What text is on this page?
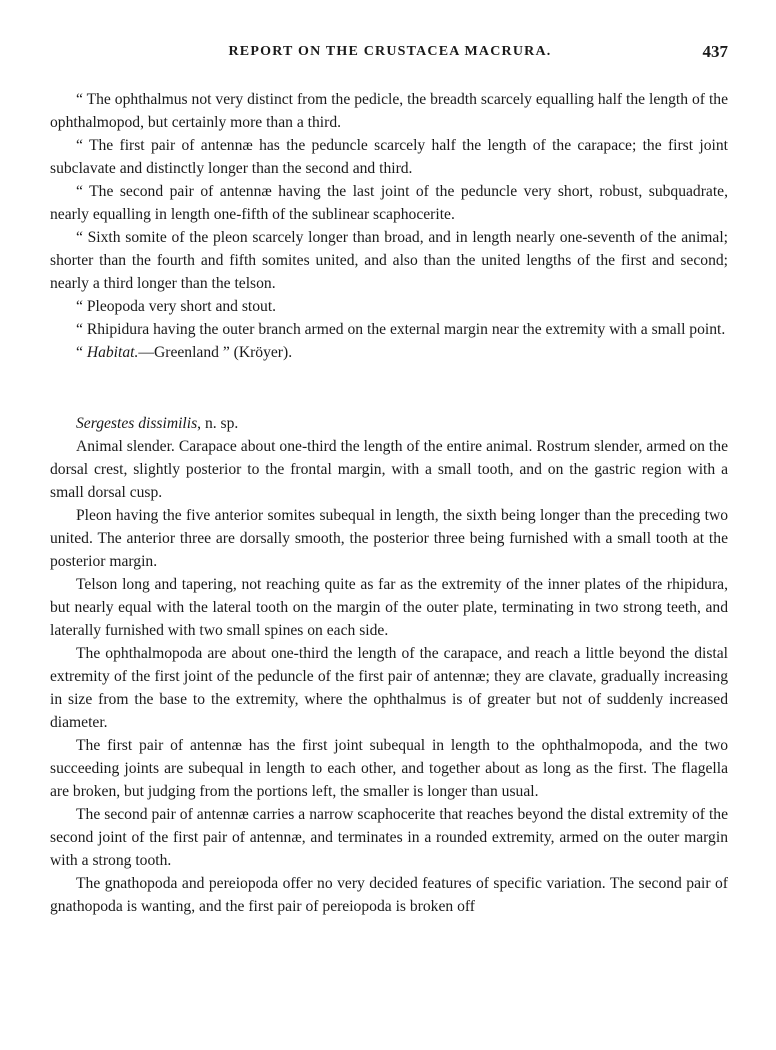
REPORT ON THE CRUSTACEA MACRURA.	437

“ The ophthalmus not very distinct from the pedicle, the breadth scarcely equalling half the length of the ophthalmopod, but certainly more than a third.

“ The first pair of antennæ has the peduncle scarcely half the length of the carapace; the first joint subclavate and distinctly longer than the second and third.

“ The second pair of antennæ having the last joint of the peduncle very short, robust, subquadrate, nearly equalling in length one-fifth of the sublinear scaphocerite.

“ Sixth somite of the pleon scarcely longer than broad, and in length nearly one-seventh of the animal; shorter than the fourth and fifth somites united, and also than the united lengths of the first and second; nearly a third longer than the telson.

“ Pleopoda very short and stout.

“ Rhipidura having the outer branch armed on the external margin near the extremity with a small point.

“ Habitat.—Greenland ” (Kröyer).

Sergestes dissimilis, n. sp.

Animal slender. Carapace about one-third the length of the entire animal. Rostrum slender, armed on the dorsal crest, slightly posterior to the frontal margin, with a small tooth, and on the gastric region with a small dorsal cusp.

Pleon having the five anterior somites subequal in length, the sixth being longer than the preceding two united. The anterior three are dorsally smooth, the posterior three being furnished with a small tooth at the posterior margin.

Telson long and tapering, not reaching quite as far as the extremity of the inner plates of the rhipidura, but nearly equal with the lateral tooth on the margin of the outer plate, terminating in two strong teeth, and laterally furnished with two small spines on each side.

The ophthalmopoda are about one-third the length of the carapace, and reach a little beyond the distal extremity of the first joint of the peduncle of the first pair of antennæ; they are clavate, gradually increasing in size from the base to the extremity, where the ophthalmus is of greater but not of suddenly increased diameter.

The first pair of antennæ has the first joint subequal in length to the ophthalmopoda, and the two succeeding joints are subequal in length to each other, and together about as long as the first. The flagella are broken, but judging from the portions left, the smaller is longer than usual.

The second pair of antennæ carries a narrow scaphocerite that reaches beyond the distal extremity of the second joint of the first pair of antennæ, and terminates in a rounded extremity, armed on the outer margin with a strong tooth.

The gnathopoda and pereiopoda offer no very decided features of specific variation. The second pair of gnathopoda is wanting, and the first pair of pereiopoda is broken off
